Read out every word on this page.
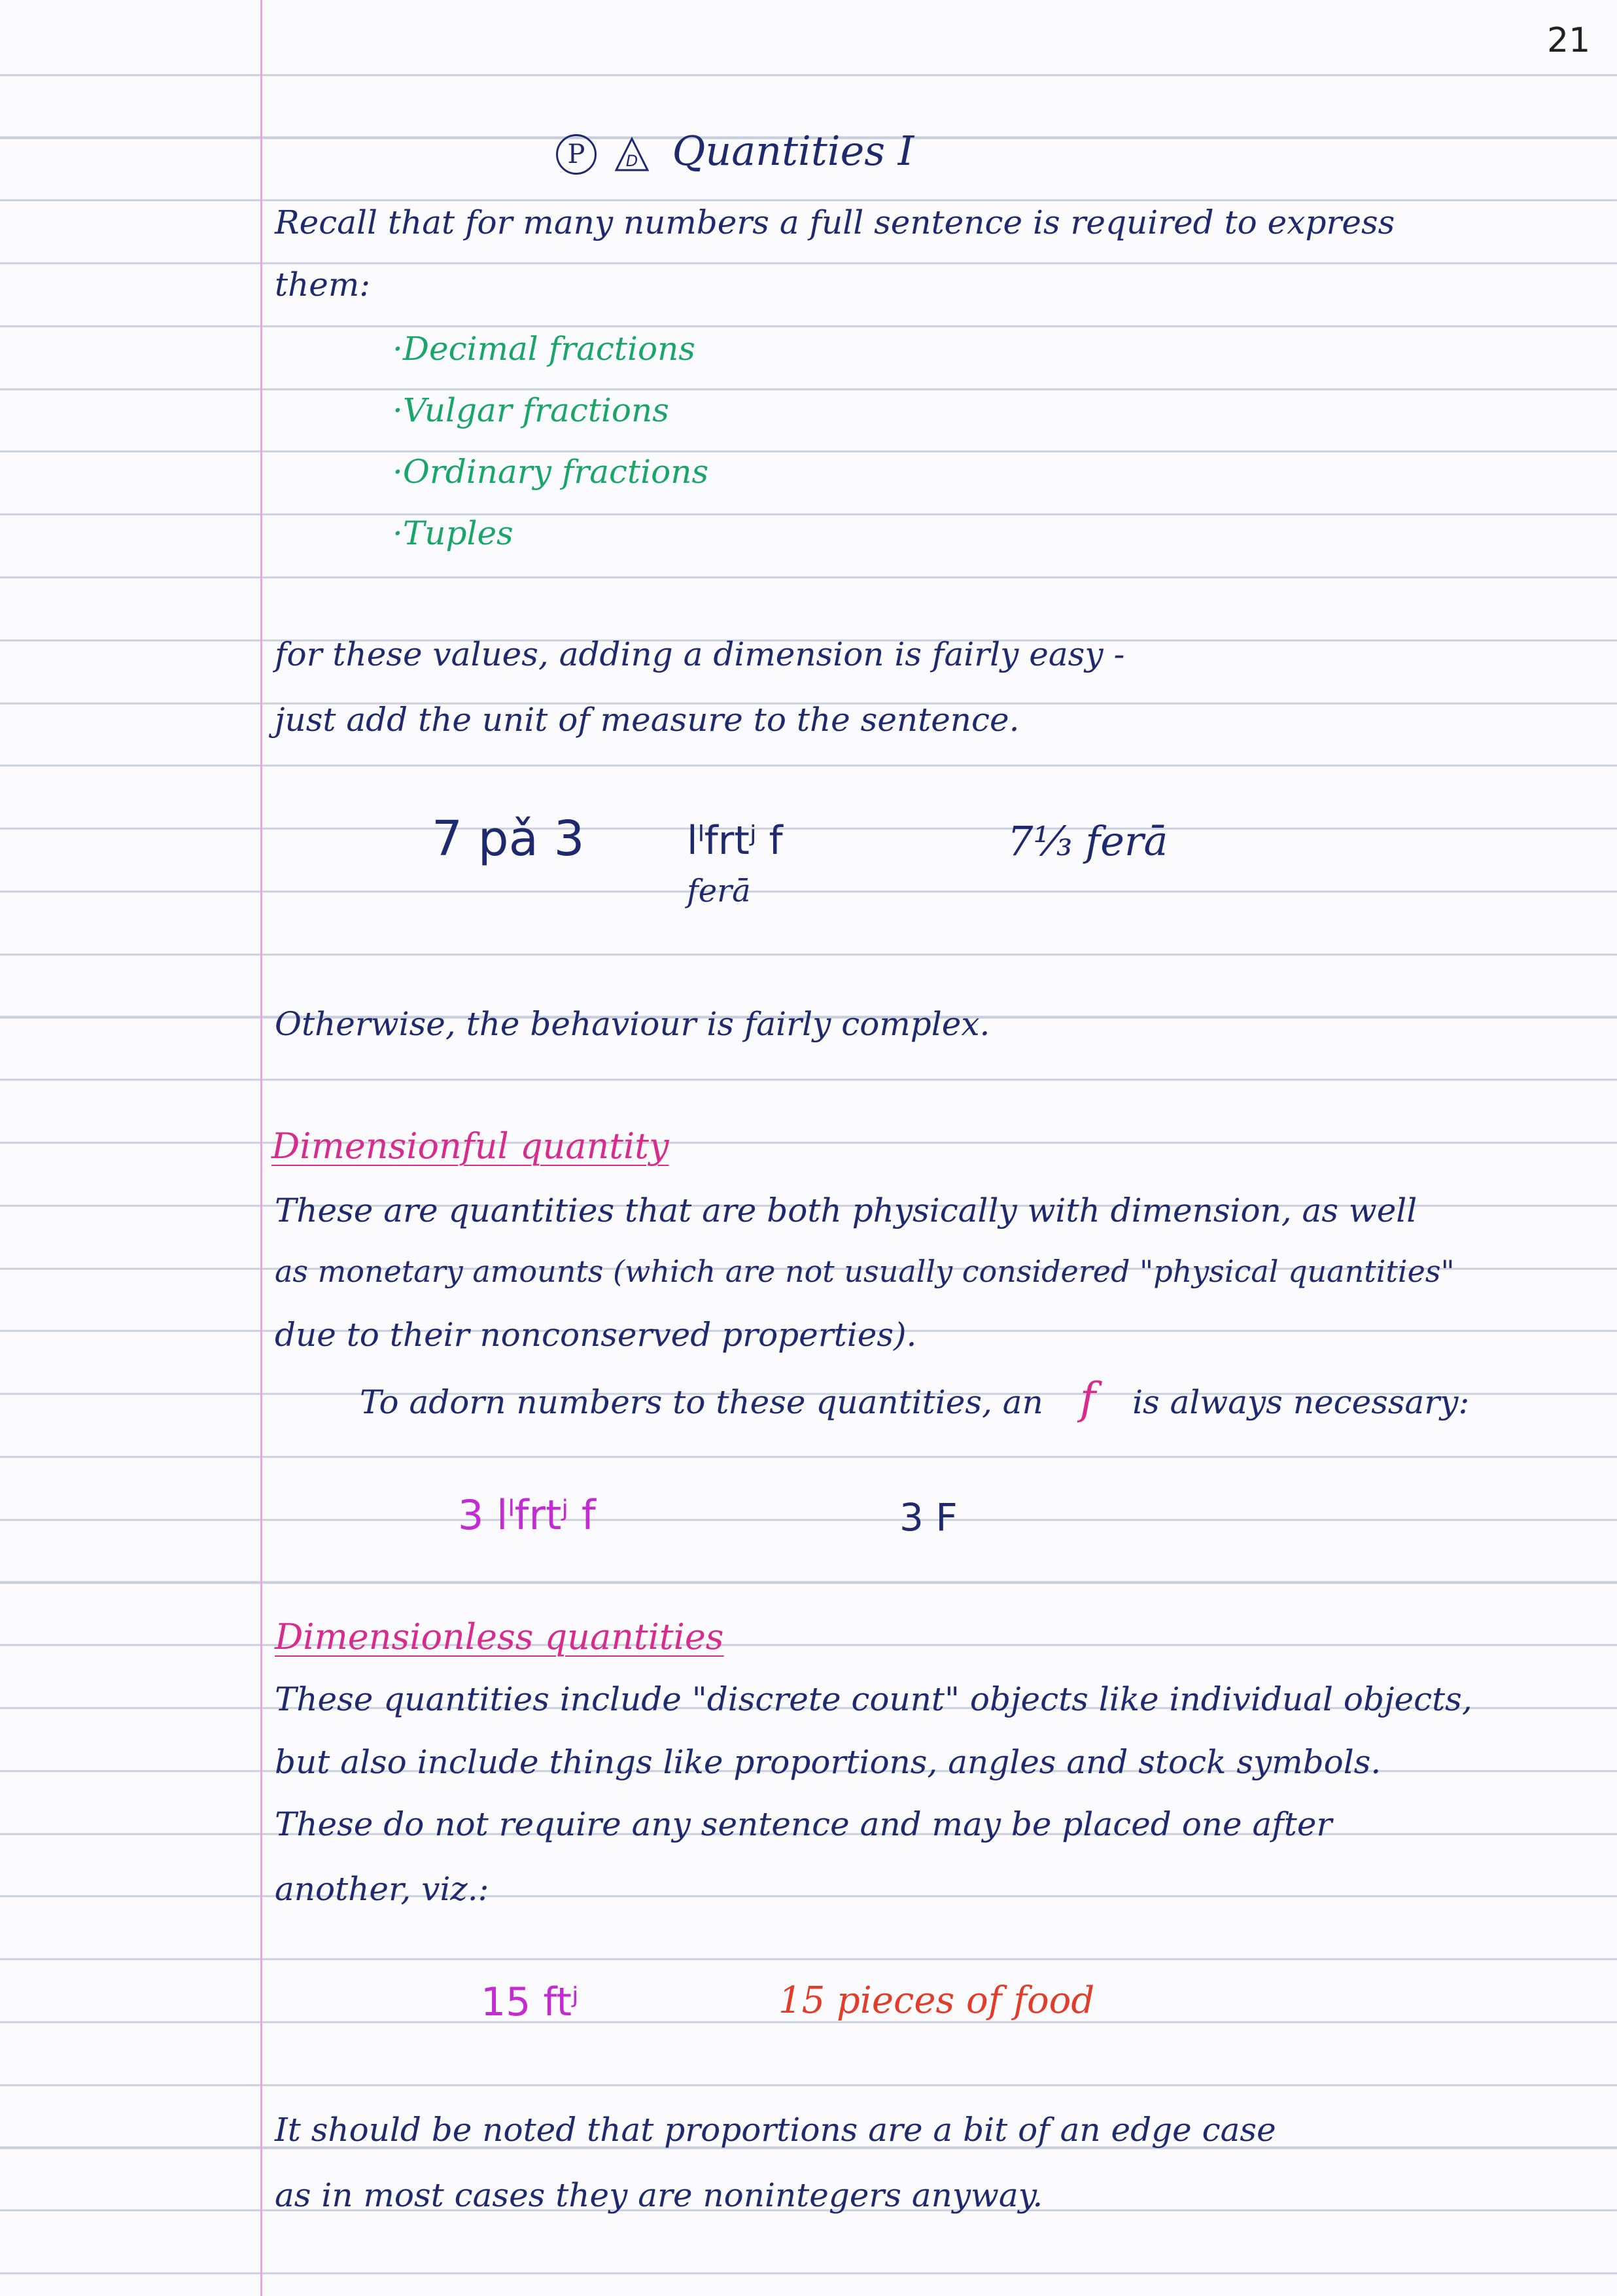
21
P	D Quantities I
Recall that for many numbers a full sentence is required to express
them:
·Decimal fractions
·Vulgar fractions
·Ordinary fractions
·Tuples
for these values, adding a dimension is fairly easy -
just add the unit of measure to the sentence.
7 pǎ 3	lˡfrtʲ f
ferā
7⅓ ferā
Otherwise, the behaviour is fairly complex.
Dimensionful quantity
These are quantities that are both physically with dimension, as well
as monetary amounts (which are not usually considered "physical quantities"
due to their nonconserved properties).
To adorn numbers to these quantities, an f is always necessary:
3 lˡfrtʲ f	3 F
Dimensionless quantities
These quantities include "discrete count" objects like individual objects,
but also include things like proportions, angles and stock symbols.
These do not require any sentence and may be placed one after
another, viz.:
15 ftʲ	15 pieces of food
It should be noted that proportions are a bit of an edge case
as in most cases they are nonintegers anyway.
